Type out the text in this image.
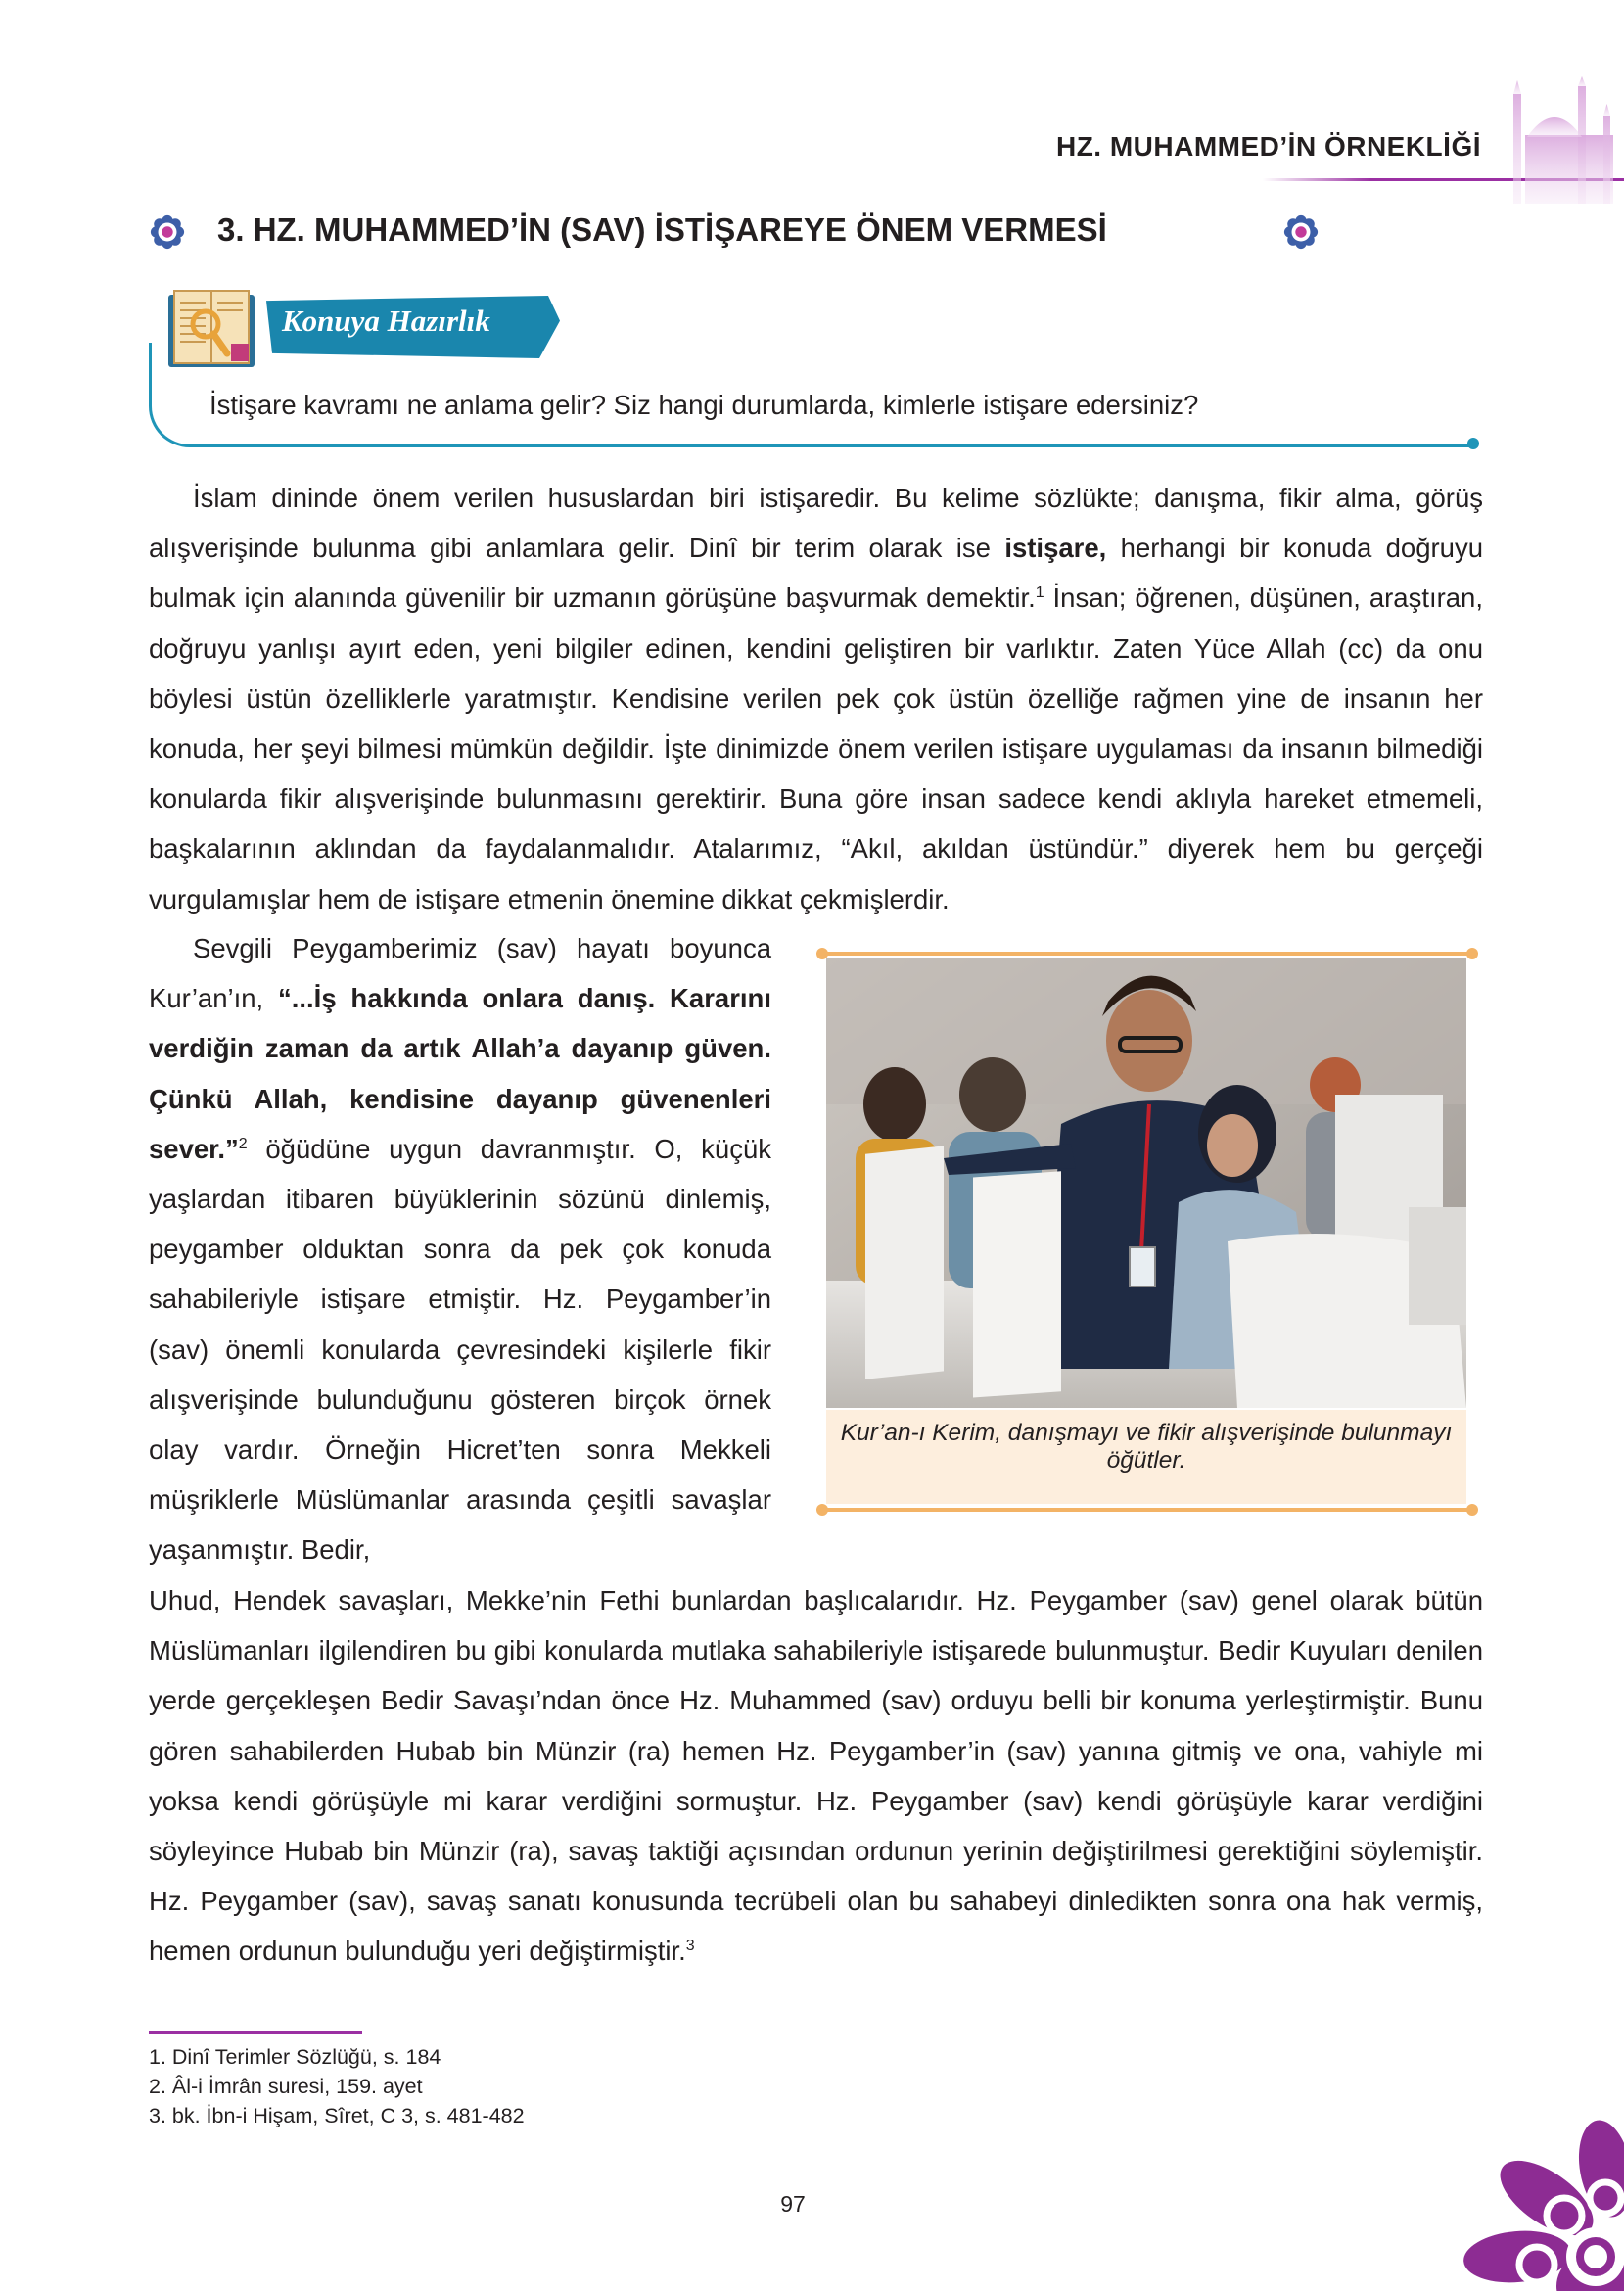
HZ. MUHAMMED’İN ÖRNEKLİĞİ
3. HZ. MUHAMMED’İN (SAV) İSTİŞAREYE ÖNEM VERMESİ
Konuya Hazırlık
İstişare kavramı ne anlama gelir? Siz hangi durumlarda, kimlerle istişare edersiniz?

İslam dininde önem verilen hususlardan biri istişaredir. Bu kelime sözlükte; danışma, fikir alma, görüş alışverişinde bulunma gibi anlamlara gelir. Dinî bir terim olarak ise istişare, herhangi bir konuda doğruyu bulmak için alanında güvenilir bir uzmanın görüşüne başvurmak demektir.$^1$ İnsan; öğrenen, düşünen, araştıran, doğruyu yanlışı ayırt eden, yeni bilgiler edinen, kendini geliştiren bir varlıktır. Zaten Yüce Allah (cc) da onu böylesi üstün özelliklerle yaratmıştır. Kendisine verilen pek çok üstün özelliğe rağmen yine de insanın her konuda, her şeyi bilmesi mümkün değildir. İşte dinimizde önem verilen istişare uygulaması da insanın bilmediği konularda fikir alışverişinde bulunmasını gerektirir. Buna göre insan sadece kendi aklıyla hareket etmemeli, başkalarının aklından da faydalanmalıdır. Atalarımız, “Akıl, akıldan üstündür.” diyerek hem bu gerçeği vurgulamışlar hem de istişare etmenin önemine dikkat çekmişlerdir.

Sevgili Peygamberimiz (sav) hayatı boyunca Kur’an’ın, “...İş hakkında onlara danış. Kararını verdiğin zaman da artık Allah’a dayanıp güven. Çünkü Allah, kendisine dayanıp güvenenleri sever.”$^2$ öğüdüne uygun davranmıştır. O, küçük yaşlardan itibaren büyüklerinin sözünü dinlemiş, peygamber olduktan sonra da pek çok konuda sahabileriyle istişare etmiştir. Hz. Peygamber’in (sav) önemli konularda çevresindeki kişilerle fikir alışverişinde bulunduğunu gösteren birçok örnek olay vardır. Örneğin Hicret’ten sonra Mekkeli müşriklerle Müslümanlar arasında çeşitli savaşlar yaşanmıştır. Bedir,

Kur’an-ı Kerim, danışmayı ve fikir alışverişinde bulunmayı öğütler.

Uhud, Hendek savaşları, Mekke’nin Fethi bunlardan başlıcalarıdır. Hz. Peygamber (sav) genel olarak bütün Müslümanları ilgilendiren bu gibi konularda mutlaka sahabileriyle istişarede bulunmuştur. Bedir Kuyuları denilen yerde gerçekleşen Bedir Savaşı’ndan önce Hz. Muhammed (sav) orduyu belli bir konuma yerleştirmiştir. Bunu gören sahabilerden Hubab bin Münzir (ra) hemen Hz. Peygamber’in (sav) yanına gitmiş ve ona, vahiyle mi yoksa kendi görüşüyle mi karar verdiğini sormuştur. Hz. Peygamber (sav) kendi görüşüyle karar verdiğini söyleyince Hubab bin Münzir (ra), savaş taktiği açısından ordunun yerinin değiştirilmesi gerektiğini söylemiştir. Hz. Peygamber (sav), savaş sanatı konusunda tecrübeli olan bu sahabeyi dinledikten sonra ona hak vermiş, hemen ordunun bulunduğu yeri değiştirmiştir.$^3$

1. Dinî Terimler Sözlüğü, s. 184
2. Âl-i İmrân suresi, 159. ayet
3. bk. İbn-i Hişam, Sîret, C 3, s. 481-482
97
